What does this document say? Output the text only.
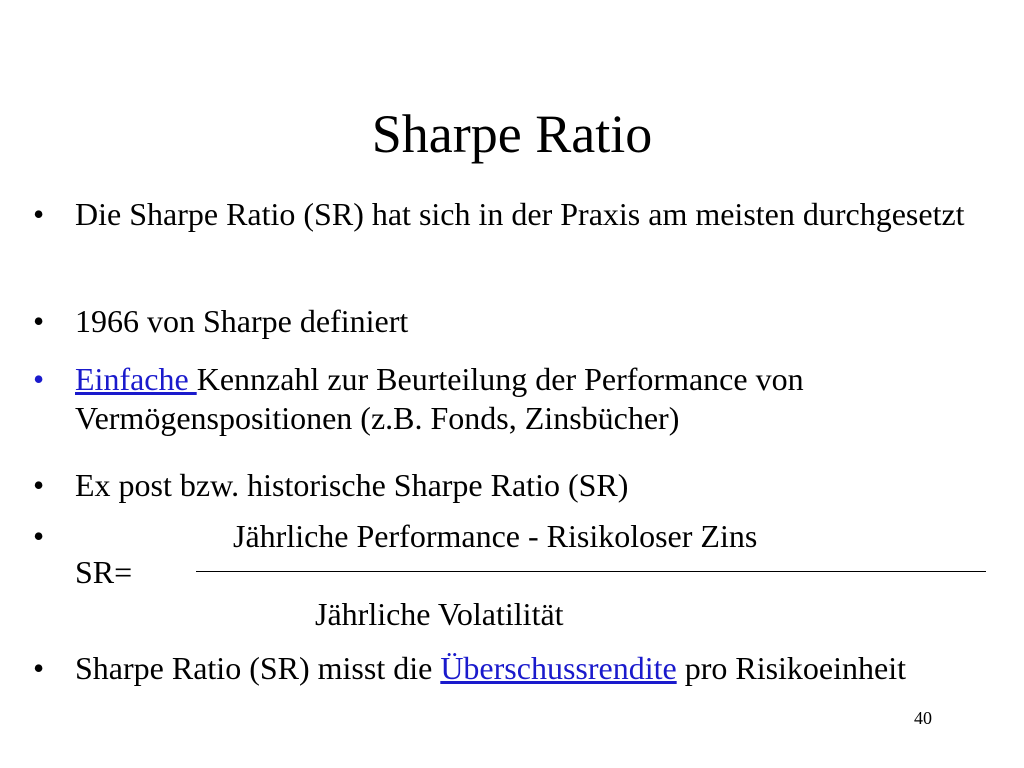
Sharpe Ratio
• Die Sharpe Ratio (SR) hat sich in der Praxis am meisten durchgesetzt
• 1966 von Sharpe definiert
• Einfache Kennzahl zur Beurteilung der Performance von Vermögenspositionen (z.B. Fonds, Zinsbücher)
• Ex post bzw. historische Sharpe Ratio (SR)
•	Jährliche Performance - Risikoloser Zins
SR=
Jährliche Volatilität
• Sharpe Ratio (SR) misst die Überschussrendite pro Risikoeinheit
40
